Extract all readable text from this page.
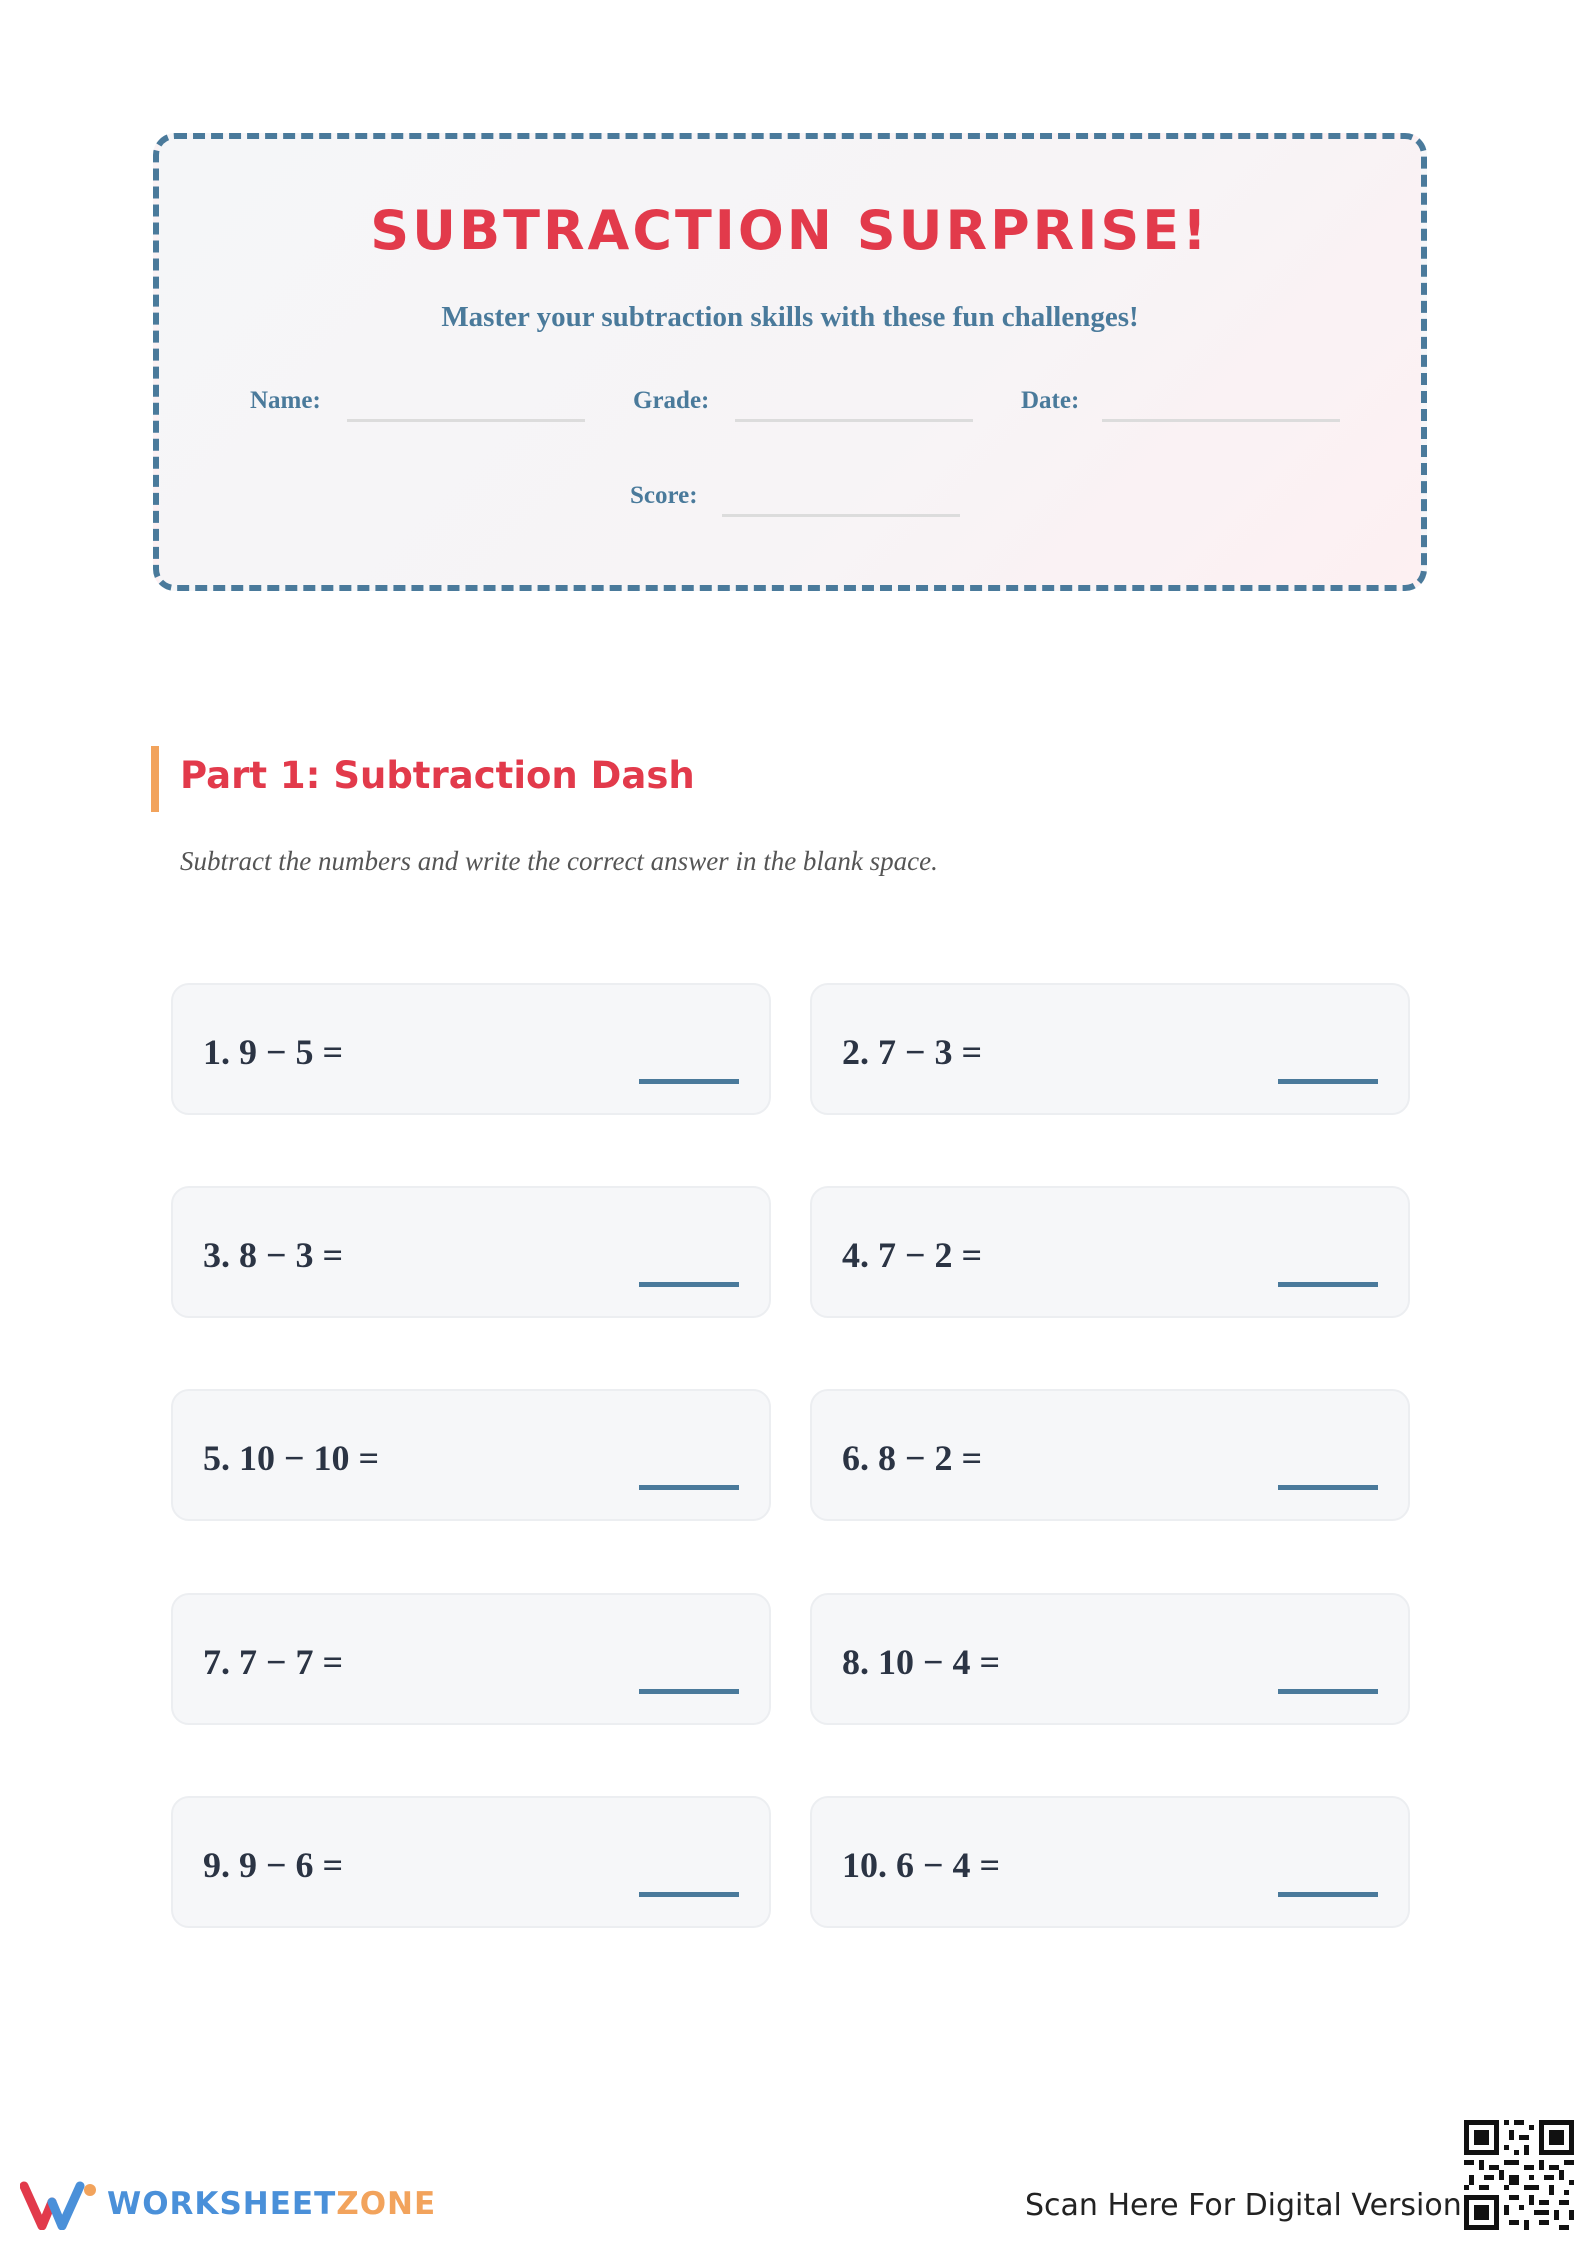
SUBTRACTION SURPRISE!
Master your subtraction skills with these fun challenges!
Name:	Grade:	Date:
Score:
Part 1: Subtraction Dash
Subtract the numbers and write the correct answer in the blank space.
1. 9 − 5 =	2. 7 − 3 =
3. 8 − 3 =	4. 7 − 2 =
5. 10 − 10 =	6. 8 − 2 =
7. 7 − 7 =	8. 10 − 4 =
9. 9 − 6 =	10. 6 − 4 =
WORKSHEETZONE	Scan Here For Digital Version
